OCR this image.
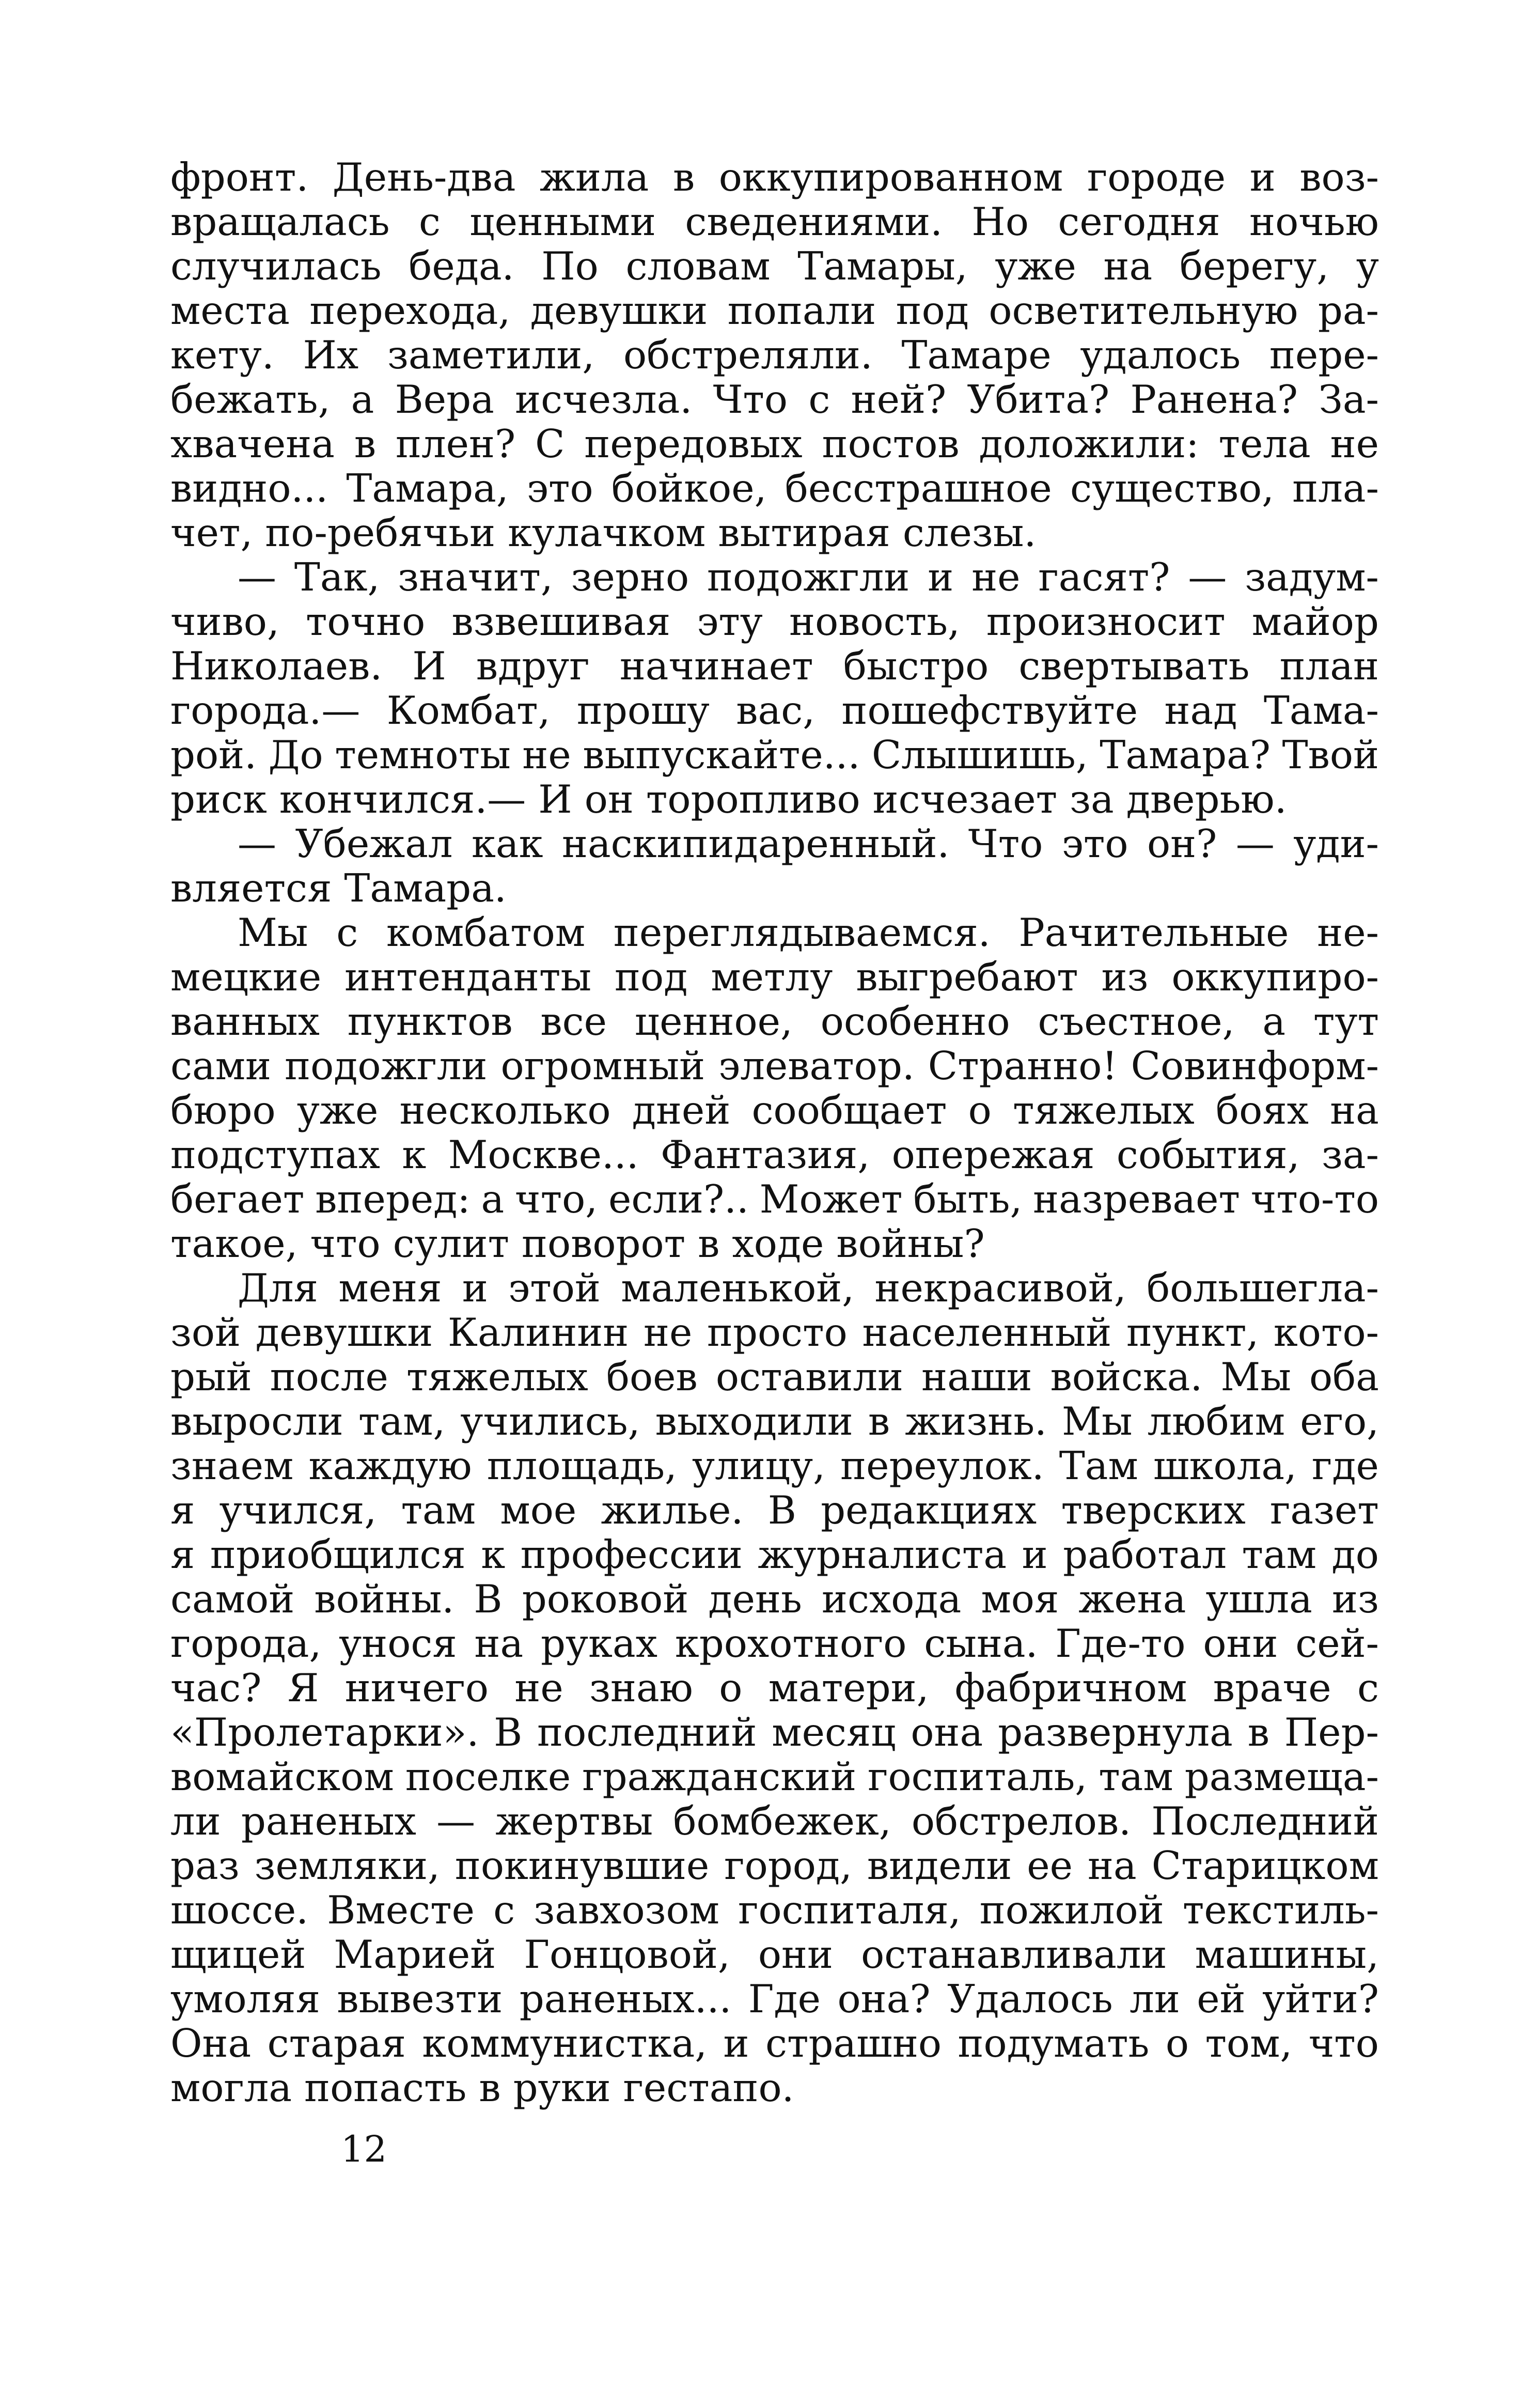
фронт. День-два жила в оккупированном городе и воз-
вращалась с ценными сведениями. Но сегодня ночью
случилась беда. По словам Тамары, уже на берегу, у
места перехода, девушки попали под осветительную ра-
кету. Их заметили, обстреляли. Тамаре удалось пере-
бежать, а Вера исчезла. Что с ней? Убита? Ранена? За-
хвачена в плен? С передовых постов доложили: тела не
видно... Тамара, это бойкое, бесстрашное существо, пла-
чет, по-ребячьи кулачком вытирая слезы.
— Так, значит, зерно подожгли и не гасят? — задум-
чиво, точно взвешивая эту новость, произносит майор
Николаев. И вдруг начинает быстро свертывать план
города.— Комбат, прошу вас, пошефствуйте над Тама-
рой. До темноты не выпускайте... Слышишь, Тамара? Твой
риск кончился.— И он торопливо исчезает за дверью.
— Убежал как наскипидаренный. Что это он? — уди-
вляется Тамара.
Мы с комбатом переглядываемся. Рачительные не-
мецкие интенданты под метлу выгребают из оккупиро-
ванных пунктов все ценное, особенно съестное, а тут
сами подожгли огромный элеватор. Странно! Совинформ-
бюро уже несколько дней сообщает о тяжелых боях на
подступах к Москве... Фантазия, опережая события, за-
бегает вперед: а что, если?.. Может быть, назревает что-то
такое, что сулит поворот в ходе войны?
Для меня и этой маленькой, некрасивой, большегла-
зой девушки Калинин не просто населенный пункт, кото-
рый после тяжелых боев оставили наши войска. Мы оба
выросли там, учились, выходили в жизнь. Мы любим его,
знаем каждую площадь, улицу, переулок. Там школа, где
я учился, там мое жилье. В редакциях тверских газет
я приобщился к профессии журналиста и работал там до
самой войны. В роковой день исхода моя жена ушла из
города, унося на руках крохотного сына. Где-то они сей-
час? Я ничего не знаю о матери, фабричном враче с
«Пролетарки». В последний месяц она развернула в Пер-
вомайском поселке гражданский госпиталь, там размеща-
ли раненых — жертвы бомбежек, обстрелов. Последний
раз земляки, покинувшие город, видели ее на Старицком
шоссе. Вместе с завхозом госпиталя, пожилой текстиль-
щицей Марией Гонцовой, они останавливали машины,
умоляя вывезти раненых... Где она? Удалось ли ей уйти?
Она старая коммунистка, и страшно подумать о том, что
могла попасть в руки гестапо.
12
